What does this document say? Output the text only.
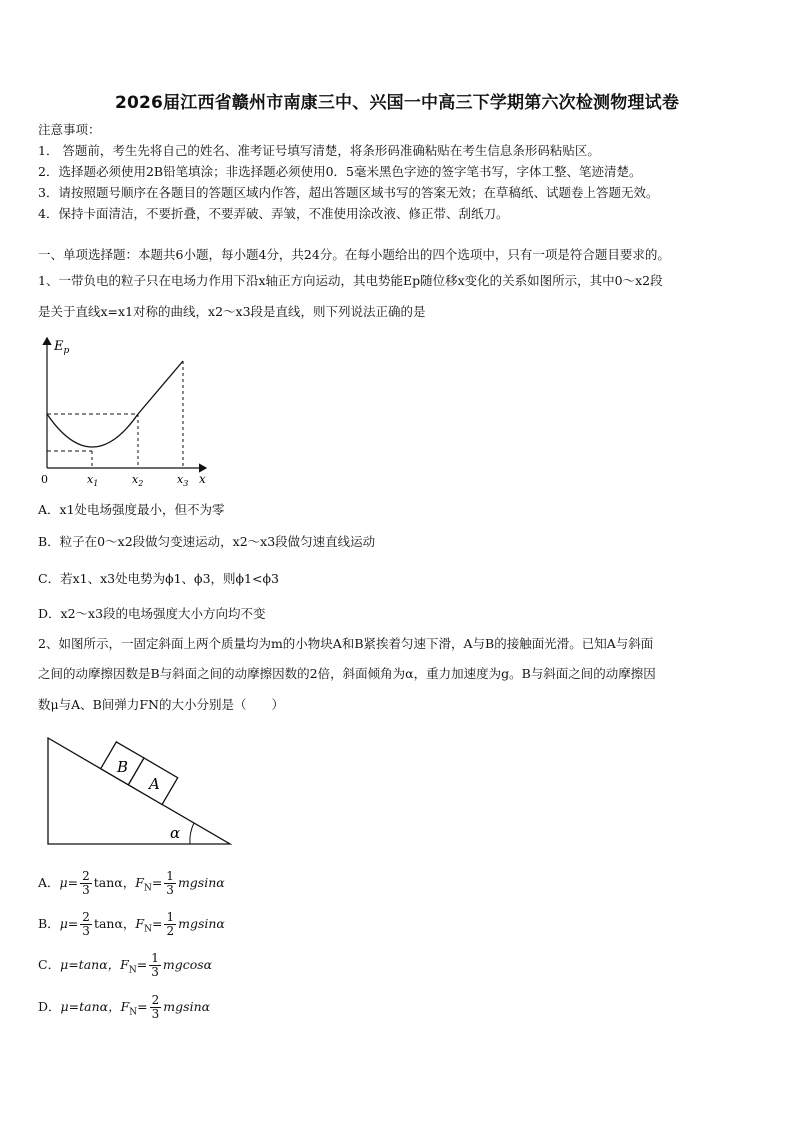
2026届江西省赣州市南康三中、兴国一中高三下学期第六次检测物理试卷
注意事项：
1． 答题前，考生先将自己的姓名、准考证号填写清楚，将条形码准确粘贴在考生信息条形码粘贴区。
2．选择题必须使用2B铅笔填涂；非选择题必须使用0．5毫米黑色字迹的签字笔书写，字体工整、笔迹清楚。
3．请按照题号顺序在各题目的答题区域内作答，超出答题区域书写的答案无效；在草稿纸、试题卷上答题无效。
4．保持卡面清洁，不要折叠，不要弄破、弄皱，不准使用涂改液、修正带、刮纸刀。
一、单项选择题：本题共6小题，每小题4分，共24分。在每小题给出的四个选项中，只有一项是符合题目要求的。
1、一带负电的粒子只在电场力作用下沿x轴正方向运动，其电势能Ep随位移x变化的关系如图所示，其中0～x2段
是关于直线x=x1对称的曲线，x2～x3段是直线，则下列说法正确的是
$E_p$
0	$x_1$	$x_2$	$x_3$ x
A．x1处电场强度最小，但不为零
B．粒子在0～x2段做匀变速运动，x2～x3段做匀速直线运动
C．若x1、x3处电势为ϕ1、ϕ3，则ϕ1<ϕ3
D．x2～x3段的电场强度大小方向均不变
2、如图所示，一固定斜面上两个质量均为m的小物块A和B紧挨着匀速下滑，A与B的接触面光滑。已知A与斜面
之间的动摩擦因数是B与斜面之间的动摩擦因数的2倍，斜面倾角为α，重力加速度为g。B与斜面之间的动摩擦因
数μ与A、B间弹力FN的大小分别是（　　）
B
A
α
A．$\mu= \frac{2}{3}$ tanα，$F_N= \frac{1}{3}$ mgsinα
B．$\mu= \frac{2}{3}$ tanα，$F_N= \frac{1}{2}$ mgsinα
C．μ=tanα，$F_N= \frac{1}{3}$ mgcosα
D．μ=tanα，$F_N= \frac{2}{3}$ mgsinα
